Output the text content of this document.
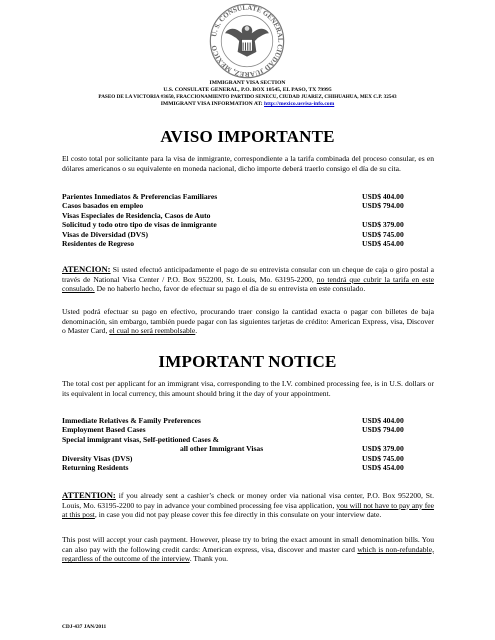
U. S. CONSULATE GENERAL CIUDAD JUAREZ, MEXICO
IMMIGRANT VISA SECTION
U.S. CONSULATE GENERAL, P.O. BOX 10545, EL PASO, TX 79995
PASEO DE LA VICTORIA #3650, FRACCIONAMIENTO PARTIDO SENECU, CIUDAD JUAREZ, CHIHUAHUA, MEX C.P. 32543
IMMIGRANT VISA INFORMATION AT: http://mexico.usvisa-info.com
AVISO IMPORTANTE
El costo total por solicitante para la visa de inmigrante, correspondiente a la tarifa combinada del proceso consular, es en dólares americanos o su equivalente en moneda nacional, dicho importe deberá traerlo consigo el día de su cita.
Parientes Inmediatos & Preferencias Familiares	USD$ 404.00
Casos basados en empleo	USD$ 794.00
Visas Especiales de Residencia, Casos de Auto
Solicitud y todo otro tipo de visas de inmigrante	USD$ 379.00
Visas de Diversidad (DVS)	USD$ 745.00
Residentes de Regreso	USD$ 454.00
ATENCION: Si usted efectuó anticipadamente el pago de su entrevista consular con un cheque de caja o giro postal a través de National Visa Center / P.O. Box 952200, St. Louis, Mo. 63195-2200, no tendrá que cubrir la tarifa en este consulado. De no haberlo hecho, favor de efectuar su pago el día de su entrevista en este consulado.
Usted podrá efectuar su pago en efectivo, procurando traer consigo la cantidad exacta o pagar con billetes de baja denominación, sin embargo, también puede pagar con las siguientes tarjetas de crédito: American Express, visa, Discover o Master Card, el cual no será reembolsable.
IMPORTANT NOTICE
The total cost per applicant for an immigrant visa, corresponding to the I.V. combined processing fee, is in U.S. dollars or its equivalent in local currency, this amount should bring it the day of your appointment.
Immediate Relatives & Family Preferences	USD$ 404.00
Employment Based Cases	USD$ 794.00
Special immigrant visas, Self-petitioned Cases &
all other Immigrant Visas	USD$ 379.00
Diversity Visas (DVS)	USD$ 745.00
Returning Residents	USD$ 454.00
ATTENTION: if you already sent a cashier’s check or money order via national visa center, P.O. Box 952200, St. Louis, Mo. 63195-2200 to pay in advance your combined processing fee visa application, you will not have to pay any fee at this post, in case you did not pay please cover this fee directly in this consulate on your interview date.
This post will accept your cash payment. However, please try to bring the exact amount in small denomination bills. You can also pay with the following credit cards: American express, visa, discover and master card which is non-refundable, regardless of the outcome of the interview. Thank you.
CDJ-437 JAN/2011
